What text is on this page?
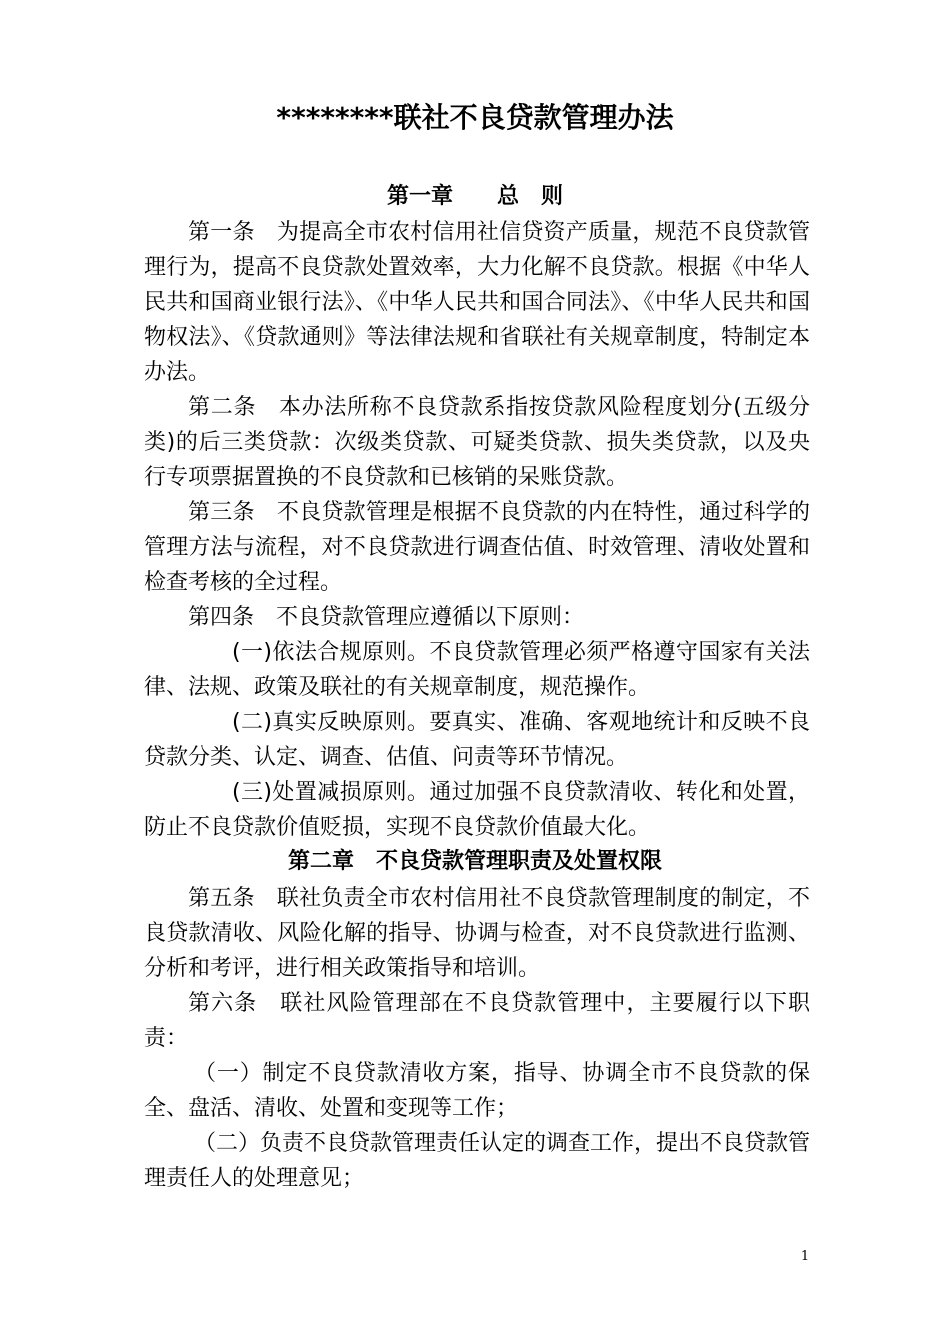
********联社不良贷款管理办法
第一章　　总　则
第一条　为提高全市农村信用社信贷资产质量，规范不良贷款管理行为，提高不良贷款处置效率，大力化解不良贷款。根据《中华人民共和国商业银行法》、《中华人民共和国合同法》、《中华人民共和国物权法》、《贷款通则》等法律法规和省联社有关规章制度，特制定本办法。
第二条　本办法所称不良贷款系指按贷款风险程度划分(五级分类)的后三类贷款：次级类贷款、可疑类贷款、损失类贷款，以及央行专项票据置换的不良贷款和已核销的呆账贷款。
第三条　不良贷款管理是根据不良贷款的内在特性，通过科学的管理方法与流程，对不良贷款进行调查估值、时效管理、清收处置和检查考核的全过程。
第四条　不良贷款管理应遵循以下原则：
(一)依法合规原则。不良贷款管理必须严格遵守国家有关法律、法规、政策及联社的有关规章制度，规范操作。
(二)真实反映原则。要真实、准确、客观地统计和反映不良贷款分类、认定、调查、估值、问责等环节情况。
(三)处置减损原则。通过加强不良贷款清收、转化和处置，防止不良贷款价值贬损，实现不良贷款价值最大化。
第二章　不良贷款管理职责及处置权限
第五条　联社负责全市农村信用社不良贷款管理制度的制定，不良贷款清收、风险化解的指导、协调与检查，对不良贷款进行监测、分析和考评，进行相关政策指导和培训。
第六条　联社风险管理部在不良贷款管理中，主要履行以下职责：
（一）制定不良贷款清收方案，指导、协调全市不良贷款的保全、盘活、清收、处置和变现等工作；
（二）负责不良贷款管理责任认定的调查工作，提出不良贷款管理责任人的处理意见；
1
